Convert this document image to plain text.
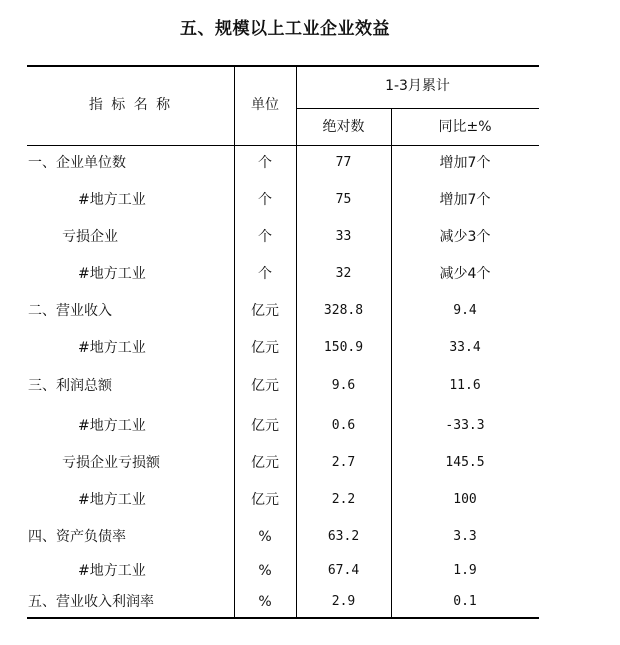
五、规模以上工业企业效益
指 标 名 称	单位
1-3月累计
绝对数	同比±%
一、企业单位数	个	77	增加7个
#地方工业	个	75	增加7个
亏损企业	个	33	减少3个
#地方工业	个	32	减少4个
二、营业收入	亿元	328.8	9.4
#地方工业	亿元	150.9	33.4
三、利润总额	亿元	9.6	11.6
#地方工业	亿元	0.6	-33.3
亏损企业亏损额	亿元	2.7	145.5
#地方工业	亿元	2.2	100
四、资产负债率	%	63.2	3.3
#地方工业	%	67.4	1.9
五、营业收入利润率	%	2.9	0.1
